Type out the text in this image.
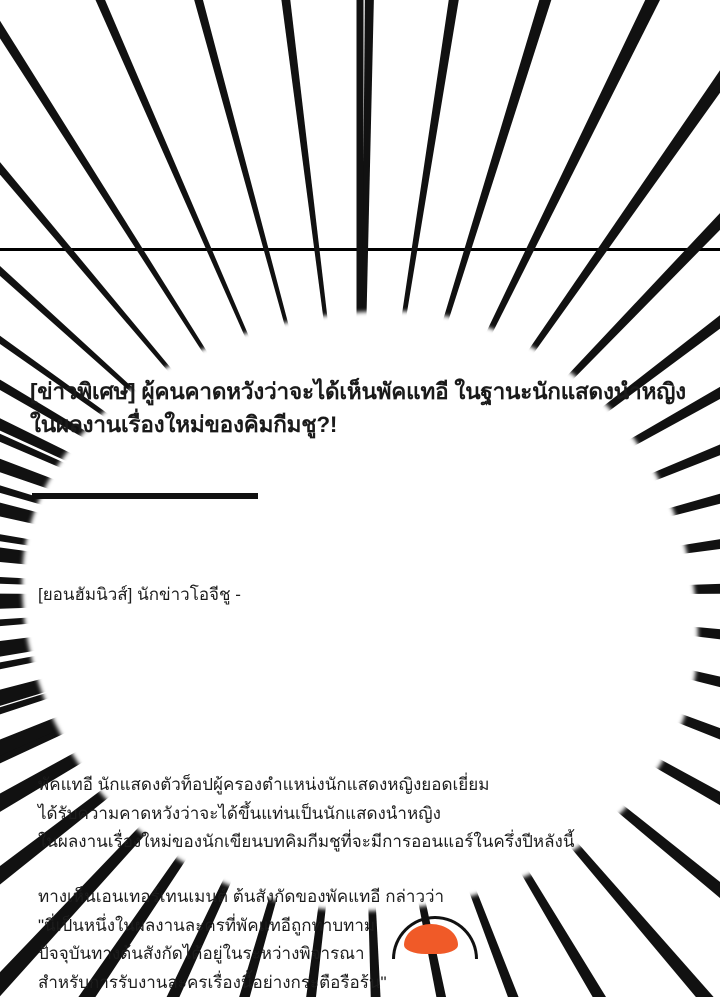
[ข่าวพิเศษ] ผู้คนคาดหวังว่าจะได้เห็นพัคแทอี ในฐานะนักแสดงนำหญิง ในผลงานเรื่องใหม่ของคิมกีมชู?!
[ยอนฮัมนิวส์] นักข่าวโอจีชู -
พัคแทอี นักแสดงตัวท็อปผู้ครองตำแหน่งนักแสดงหญิงยอดเยี่ยม
ได้รับความคาดหวังว่าจะได้ขึ้นแท่นเป็นนักแสดงนำหญิง
ในผลงานเรื่องใหม่ของนักเขียนบทคิมกีมชูที่จะมีการออนแอร์ในครึ่งปีหลังนี้
ทางเห็นเอนเทอร์เทนเมนต์ ต้นสังกัดของพัคแทอี กล่าวว่า
"นี่เป็นหนึ่งในผลงานละครที่พัคแทอีถูกทาบทาม
ปัจจุบันทางต้นสังกัดได้อยู่ในระหว่างพิจารณา
สำหรับการรับงานละครเรื่องนี้อย่างกระตือรือร้น"
